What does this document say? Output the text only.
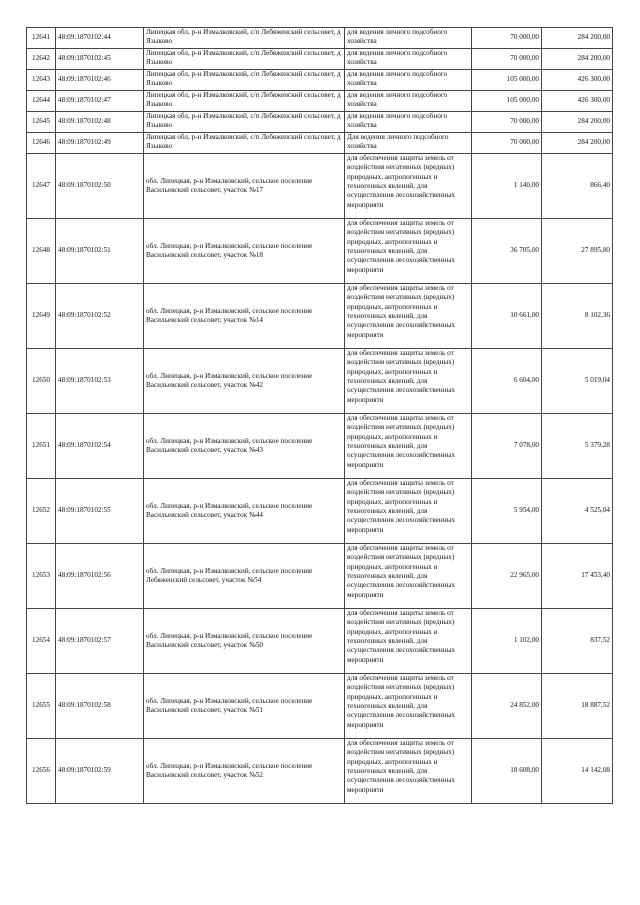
12641	48:09:1870102:44	Липецкая обл, р-н Измалковский, с/п Лебяженский сельсовет, д Языково	для ведения личного подсобного хозяйства	70 000,00	284 200,00
12642	48:09:1870102:45	Липецкая обл, р-н Измалковский, с/п Лебяженский сельсовет, д Языково	для ведения личного подсобного хозяйства	70 000,00	284 200,00
12643	48:09:1870102:46	Липецкая обл, р-н Измалковский, с/п Лебяженский сельсовет, д Языково	для ведения личного подсобного хозяйства	105 000,00	426 300,00
12644	48:09:1870102:47	Липецкая обл, р-н Измалковский, с/п Лебяженский сельсовет, д Языково	для ведения личного подсобного хозяйства	105 000,00	426 300,00
12645	48:09:1870102:48	Липецкая обл, р-н Измалковский, с/п Лебяженский сельсовет, д Языково	для ведения личного подсобного хозяйства	70 000,00	284 200,00
12646	48:09:1870102:49	Липецкая обл, р-н Измалковский, с/п Лебяженский сельсовет, д Языково	Для ведения личного подсобного хозяйства	70 000,00	284 200,00
12647	48:09:1870102:50	обл. Липецкая, р-н Измалковский, сельское поселение Васильевский сельсовет, участок №17	для обеспечения защиты земель от воздействия негативных (вредных) природных, антропогенных и техногенных явлений, для осуществления лесохозяйственных мероприяти	1 140,00	866,40
12648	48:09:1870102:51	обл. Липецкая, р-н Измалковский, сельское поселение Васильевский сельсовет, участок №18	для обеспечения защиты земель от воздействия негативных (вредных) природных, антропогенных и техногенных явлений, для осуществления лесохозяйственных мероприяти	36 705,00	27 895,80
12649	48:09:1870102:52	обл. Липецкая, р-н Измалковский, сельское поселение Васильевский сельсовет, участок №14	для обеспечения защиты земель от воздействия негативных (вредных) природных, антропогенных и техногенных явлений, для осуществления лесохозяйственных мероприяти	10 661,00	8 102,36
12650	48:09:1870102:53	обл. Липецкая, р-н Измалковский, сельское поселение Васильевский сельсовет, участок №42	для обеспечения защиты земель от воздействия негативных (вредных) природных, антропогенных и техногенных явлений, для осуществления лесохозяйственных мероприяти	6 604,00	5 019,04
12651	48:09:1870102:54	обл. Липецкая, р-н Измалковский, сельское поселение Васильевский сельсовет, участок №43	для обеспечения защиты земель от воздействия негативных (вредных) природных, антропогенных и техногенных явлений, для осуществления лесохозяйственных мероприяти	7 078,00	5 379,28
12652	48:09:1870102:55	обл. Липецкая, р-н Измалковский, сельское поселение Васильевский сельсовет, участок №44	для обеспечения защиты земель от воздействия негативных (вредных) природных, антропогенных и техногенных явлений, для осуществления лесохозяйственных мероприяти	5 954,00	4 525,04
12653	48:09:1870102:56	обл. Липецкая, р-н Измалковский, сельское поселение Лебяженский сельсовет, участок №54	для обеспечения защиты земель от воздействия негативных (вредных) природных, антропогенных и техногенных явлений, для осуществления лесохозяйственных мероприяти	22 965,00	17 453,40
12654	48:09:1870102:57	обл. Липецкая, р-н Измалковский, сельское поселение Васильевский сельсовет, участок №50	для обеспечения защиты земель от воздействия негативных (вредных) природных, антропогенных и техногенных явлений, для осуществления лесохозяйственных мероприяти	1 102,00	837,52
12655	48:09:1870102:58	обл. Липецкая, р-н Измалковский, сельское поселение Васильевский сельсовет, участок №51	для обеспечения защиты земель от воздействия негативных (вредных) природных, антропогенных и техногенных явлений, для осуществления лесохозяйственных мероприяти	24 852,00	18 887,52
12656	48:09:1870102:59	обл. Липецкая, р-н Измалковский, сельское поселение Васильевский сельсовет, участок №52	для обеспечения защиты земель от воздействия негативных (вредных) природных, антропогенных и техногенных явлений, для осуществления лесохозяйственных мероприяти	18 608,00	14 142,08
